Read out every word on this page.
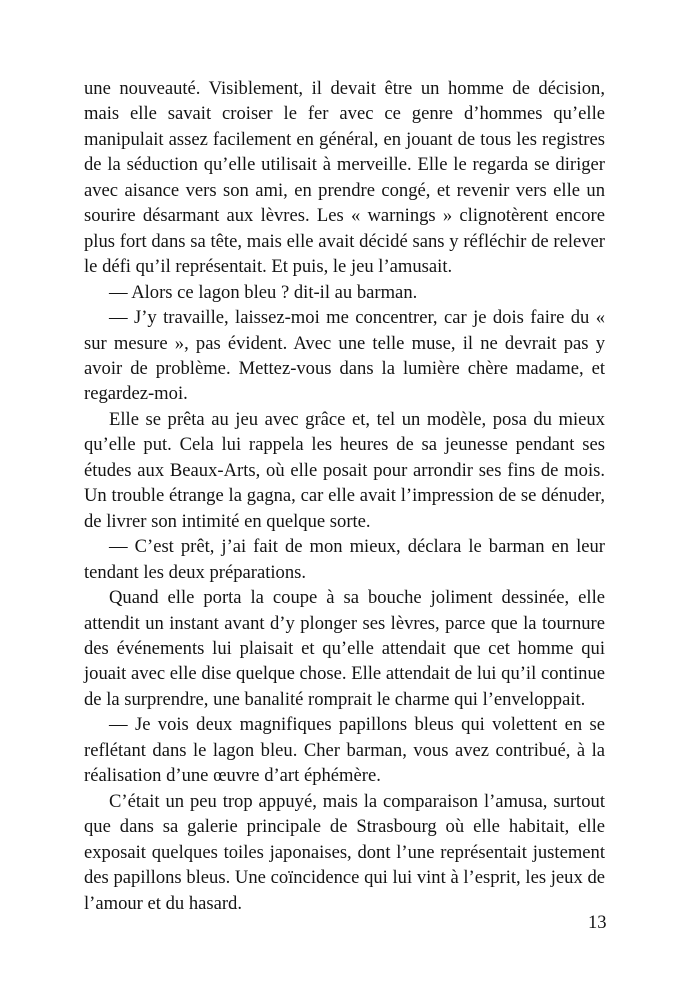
une nouveauté. Visiblement, il devait être un homme de décision, mais elle savait croiser le fer avec ce genre d’hommes qu’elle manipulait assez facilement en général, en jouant de tous les registres de la séduction qu’elle utilisait à merveille. Elle le regarda se diriger avec aisance vers son ami, en prendre congé, et revenir vers elle un sourire désarmant aux lèvres. Les « warnings » clignotèrent encore plus fort dans sa tête, mais elle avait décidé sans y réfléchir de relever le défi qu’il représentait. Et puis, le jeu l’amusait.

— Alors ce lagon bleu ? dit-il au barman.

— J’y travaille, laissez-moi me concentrer, car je dois faire du « sur mesure », pas évident. Avec une telle muse, il ne devrait pas y avoir de problème. Mettez-vous dans la lumière chère madame, et regardez-moi.

Elle se prêta au jeu avec grâce et, tel un modèle, posa du mieux qu’elle put. Cela lui rappela les heures de sa jeunesse pendant ses études aux Beaux-Arts, où elle posait pour arrondir ses fins de mois. Un trouble étrange la gagna, car elle avait l’impression de se dénuder, de livrer son intimité en quelque sorte.

— C’est prêt, j’ai fait de mon mieux, déclara le barman en leur tendant les deux préparations.

Quand elle porta la coupe à sa bouche joliment dessinée, elle attendit un instant avant d’y plonger ses lèvres, parce que la tournure des événements lui plaisait et qu’elle attendait que cet homme qui jouait avec elle dise quelque chose. Elle attendait de lui qu’il continue de la surprendre, une banalité romprait le charme qui l’enveloppait.

— Je vois deux magnifiques papillons bleus qui volettent en se reflétant dans le lagon bleu. Cher barman, vous avez contribué, à la réalisation d’une œuvre d’art éphémère.

C’était un peu trop appuyé, mais la comparaison l’amusa, surtout que dans sa galerie principale de Strasbourg où elle habitait, elle exposait quelques toiles japonaises, dont l’une représentait justement des papillons bleus. Une coïncidence qui lui vint à l’esprit, les jeux de l’amour et du hasard.

13
